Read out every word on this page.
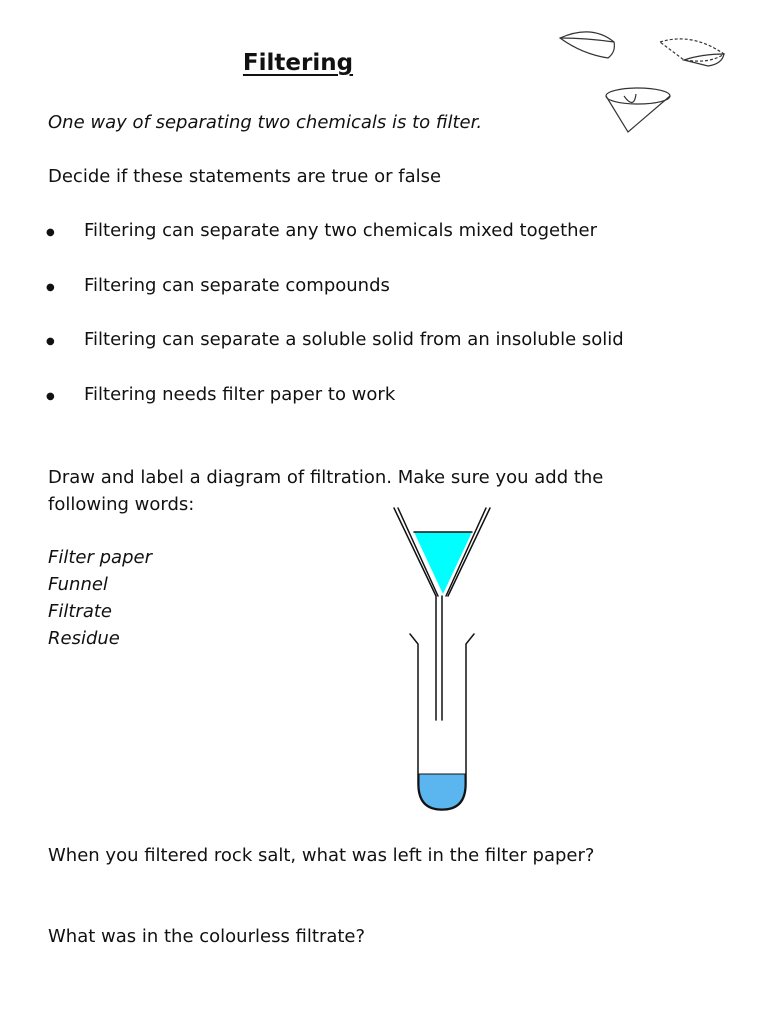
Filtering
One way of separating two chemicals is to filter.
Decide if these statements are true or false
● Filtering can separate any two chemicals mixed together
● Filtering can separate compounds
● Filtering can separate a soluble solid from an insoluble solid
● Filtering needs filter paper to work
Draw and label a diagram of filtration. Make sure you add the following words:
Filter paper
Funnel
Filtrate
Residue
When you filtered rock salt, what was left in the filter paper?
What was in the colourless filtrate?
